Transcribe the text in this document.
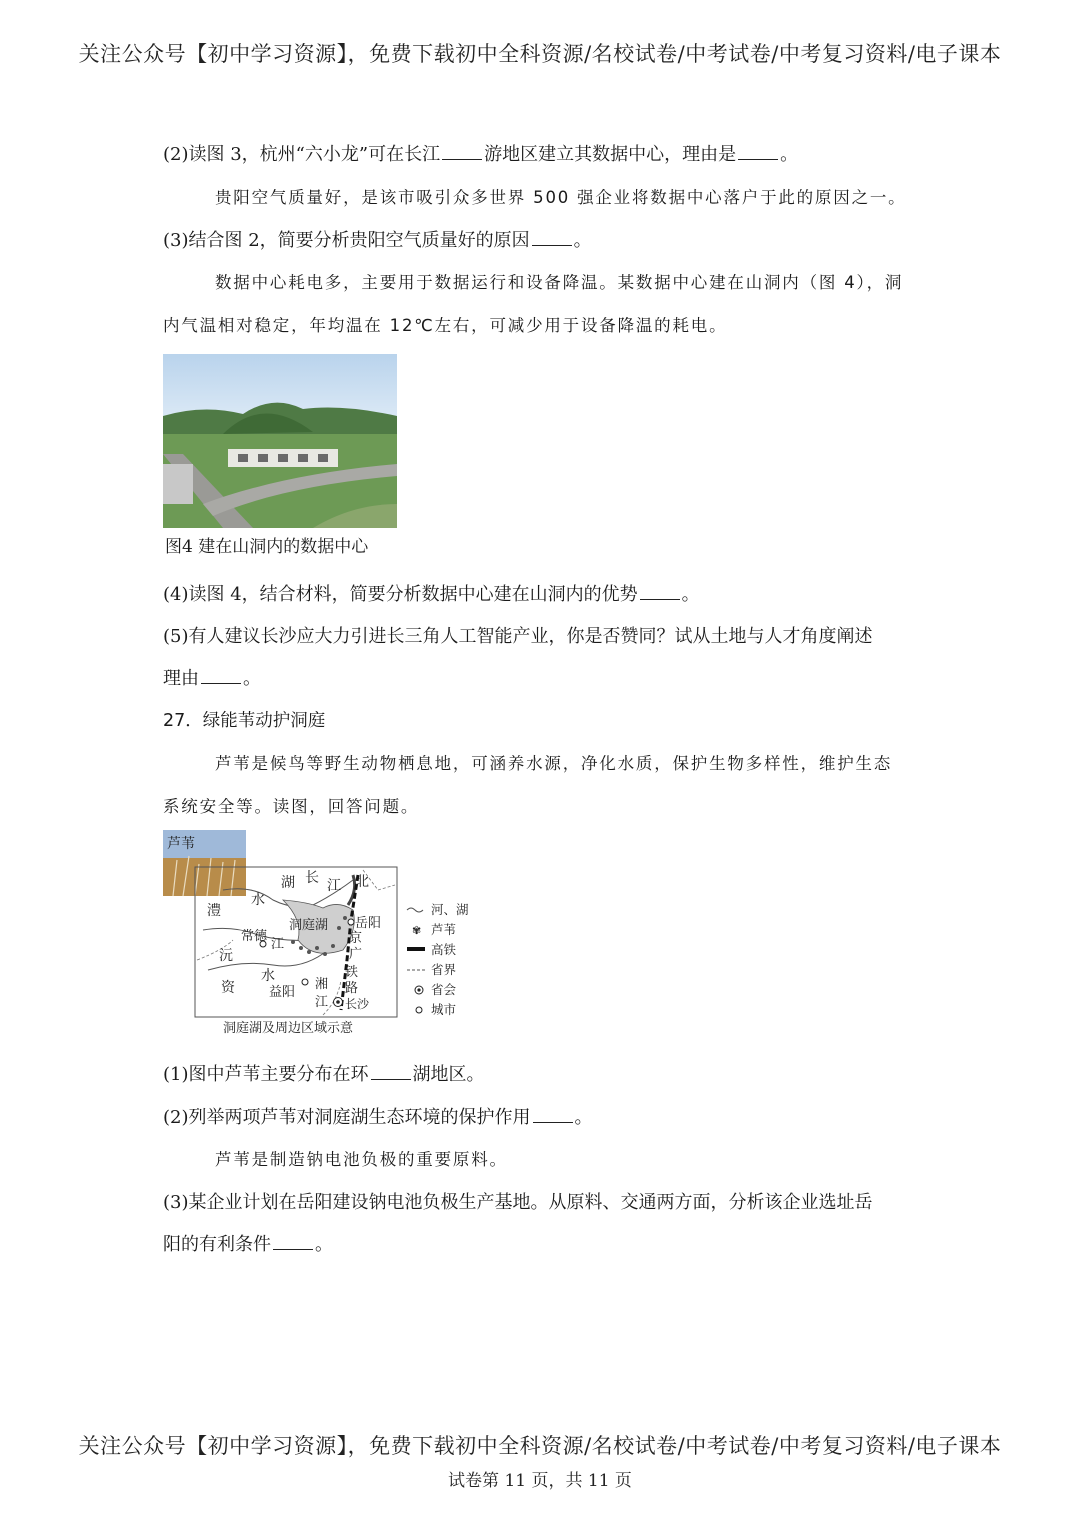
关注公众号【初中学习资源】，免费下载初中全科资源/名校试卷/中考试卷/中考复习资料/电子课本
(2)读图 3，杭州“六小龙”可在长江 游地区建立其数据中心，理由是 。
贵阳空气质量好，是该市吸引众多世界 500 强企业将数据中心落户于此的原因之一。
(3)结合图 2，简要分析贵阳空气质量好的原因 。
数据中心耗电多，主要用于数据运行和设备降温。某数据中心建在山洞内（图 4），洞
内气温相对稳定，年均温在 12℃左右，可减少用于设备降温的耗电。
图4 建在山洞内的数据中心
(4)读图 4，结合材料，简要分析数据中心建在山洞内的优势 。
(5)有人建议长沙应大力引进长三角人工智能产业，你是否赞同？试从土地与人才角度阐述
理由 。
27．绿能苇动护洞庭
芦苇是候鸟等野生动物栖息地，可涵养水源，净化水质，保护生物多样性，维护生态
系统安全等。读图，回答问题。
芦苇
湖 长 江 北
澧
水
洞庭湖 岳阳
常德
江	京
广
沅
水	铁
路
资	益阳
湘
江 长沙
河、湖
✾ 芦苇
高铁
省界
省会
城市
洞庭湖及周边区域示意
(1)图中芦苇主要分布在环 湖地区。
(2)列举两项芦苇对洞庭湖生态环境的保护作用 。
芦苇是制造钠电池负极的重要原料。
(3)某企业计划在岳阳建设钠电池负极生产基地。从原料、交通两方面，分析该企业选址岳
阳的有利条件 。
关注公众号【初中学习资源】，免费下载初中全科资源/名校试卷/中考试卷/中考复习资料/电子课本
试卷第 11 页，共 11 页
